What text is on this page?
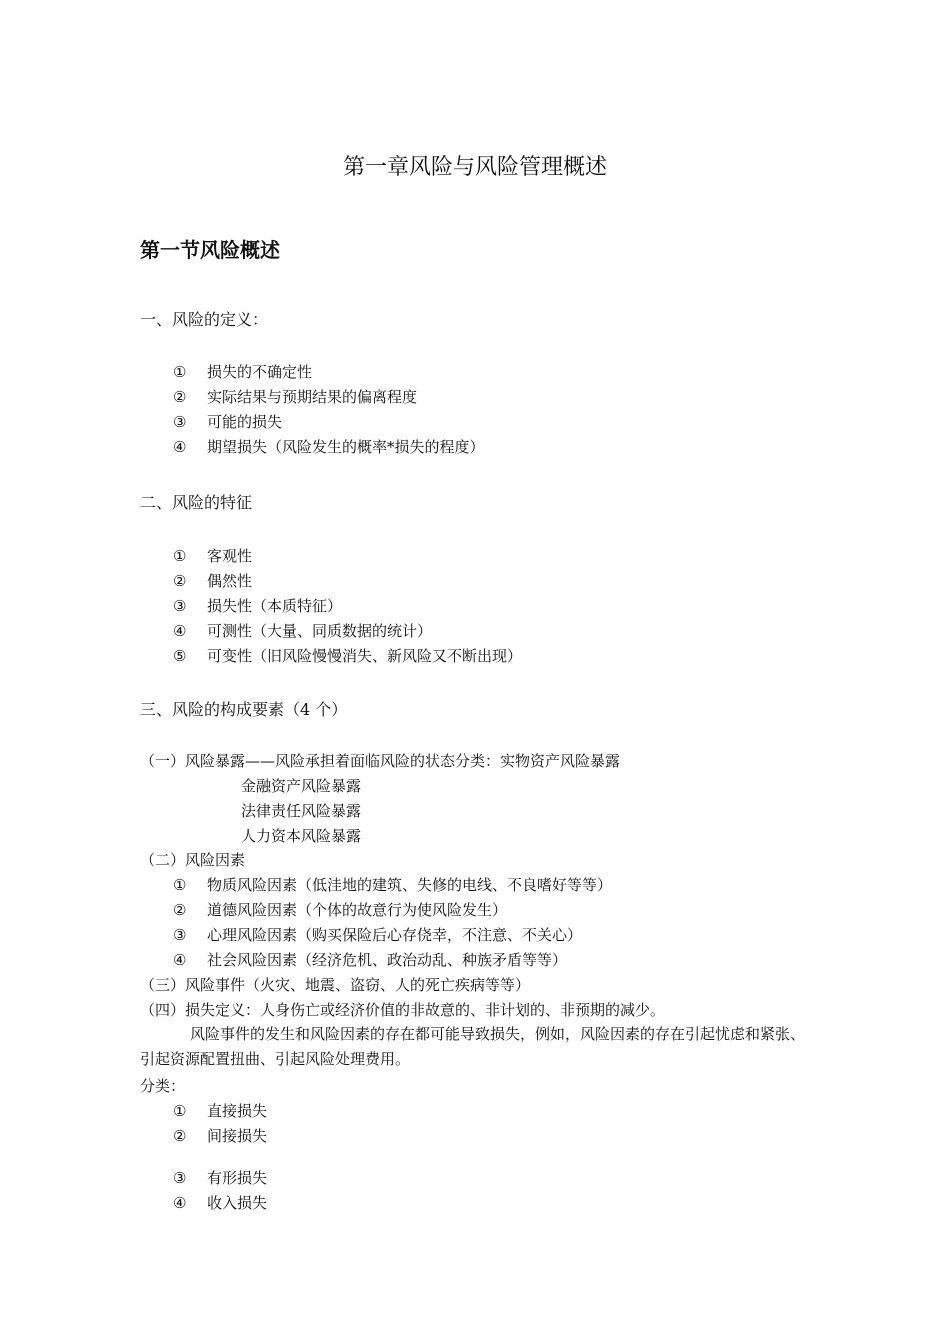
第一章风险与风险管理概述
第一节风险概述
一、风险的定义：
① 损失的不确定性
② 实际结果与预期结果的偏离程度
③ 可能的损失
④ 期望损失（风险发生的概率*损失的程度）
二、风险的特征
① 客观性
② 偶然性
③ 损失性（本质特征）
④ 可测性（大量、同质数据的统计）
⑤ 可变性（旧风险慢慢消失、新风险又不断出现）
三、风险的构成要素（4 个）
（一）风险暴露——风险承担着面临风险的状态分类：实物资产风险暴露
金融资产风险暴露
法律责任风险暴露
人力资本风险暴露
（二）风险因素
① 物质风险因素（低洼地的建筑、失修的电线、不良嗜好等等）
② 道德风险因素（个体的故意行为使风险发生）
③ 心理风险因素（购买保险后心存侥幸，不注意、不关心）
④ 社会风险因素（经济危机、政治动乱、种族矛盾等等）
（三）风险事件（火灾、地震、盗窃、人的死亡疾病等等）
（四）损失定义：人身伤亡或经济价值的非故意的、非计划的、非预期的减少。
风险事件的发生和风险因素的存在都可能导致损失，例如，风险因素的存在引起忧虑和紧张、引起资源配置扭曲、引起风险处理费用。
分类：
① 直接损失
② 间接损失
③ 有形损失
④ 收入损失
